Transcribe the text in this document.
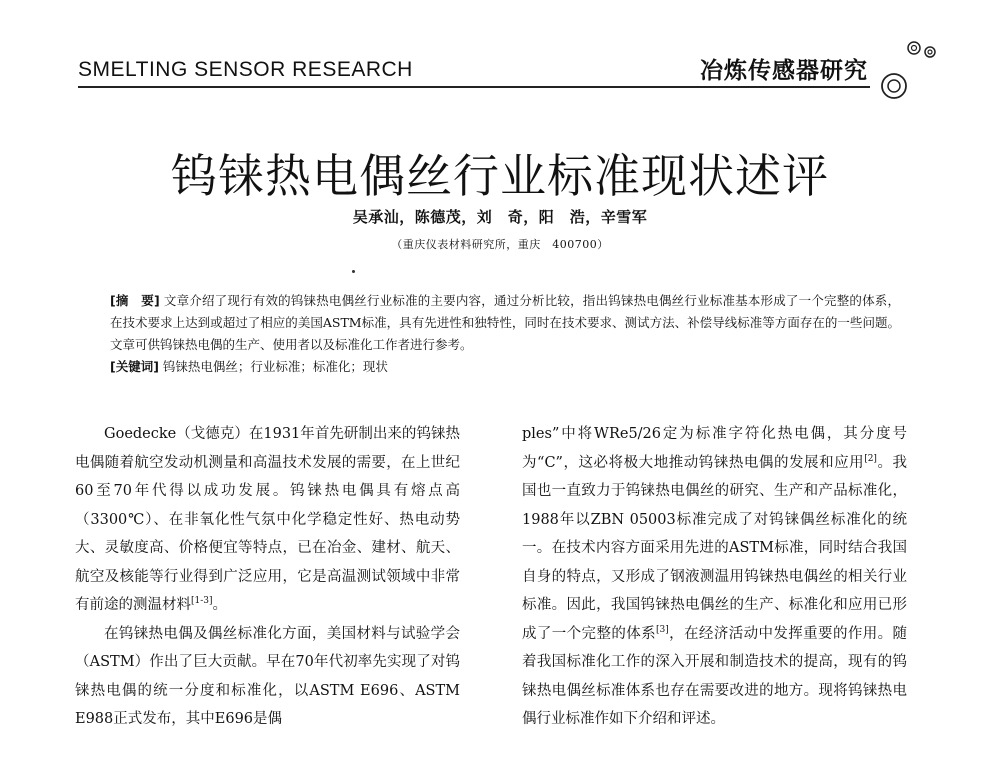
SMELTING SENSOR RESEARCH	冶炼传感器研究
钨铼热电偶丝行业标准现状述评
吴承汕，陈德茂，刘　奇，阳　浩，辛雪军
（重庆仪表材料研究所，重庆　400700）
[摘　要] 文章介绍了现行有效的钨铼热电偶丝行业标准的主要内容，通过分析比较，指出钨铼热电偶丝行业标准基本形成了一个完整的体系，在技术要求上达到或超过了相应的美国ASTM标准，具有先进性和独特性，同时在技术要求、测试方法、补偿导线标准等方面存在的一些问题。文章可供钨铼热电偶的生产、使用者以及标准化工作者进行参考。
[关键词] 钨铼热电偶丝；行业标准；标准化；现状

Goedecke（戈德克）在1931年首先研制出来的钨铼热电偶随着航空发动机测量和高温技术发展的需要，在上世纪60至70年代得以成功发展。钨铼热电偶具有熔点高（3300℃）、在非氧化性气氛中化学稳定性好、热电动势大、灵敏度高、价格便宜等特点，已在冶金、建材、航天、航空及核能等行业得到广泛应用，它是高温测试领域中非常有前途的测温材料[1-3]。

在钨铼热电偶及偶丝标准化方面，美国材料与试验学会（ASTM）作出了巨大贡献。早在70年代初率先实现了对钨铼热电偶的统一分度和标准化，以ASTM E696、ASTM E988正式发布，其中E696是偶

ples”中将WRe5/26定为标准字符化热电偶，其分度号为“C”，这必将极大地推动钨铼热电偶的发展和应用[2]。我国也一直致力于钨铼热电偶丝的研究、生产和产品标准化，1988年以ZBN 05003标准完成了对钨铼偶丝标准化的统一。在技术内容方面采用先进的ASTM标准，同时结合我国自身的特点，又形成了钢液测温用钨铼热电偶丝的相关行业标准。因此，我国钨铼热电偶丝的生产、标准化和应用已形成了一个完整的体系[3]，在经济活动中发挥重要的作用。随着我国标准化工作的深入开展和制造技术的提高，现有的钨铼热电偶丝标准体系也存在需要改进的地方。现将钨铼热电偶行业标准作如下介绍和评述。
